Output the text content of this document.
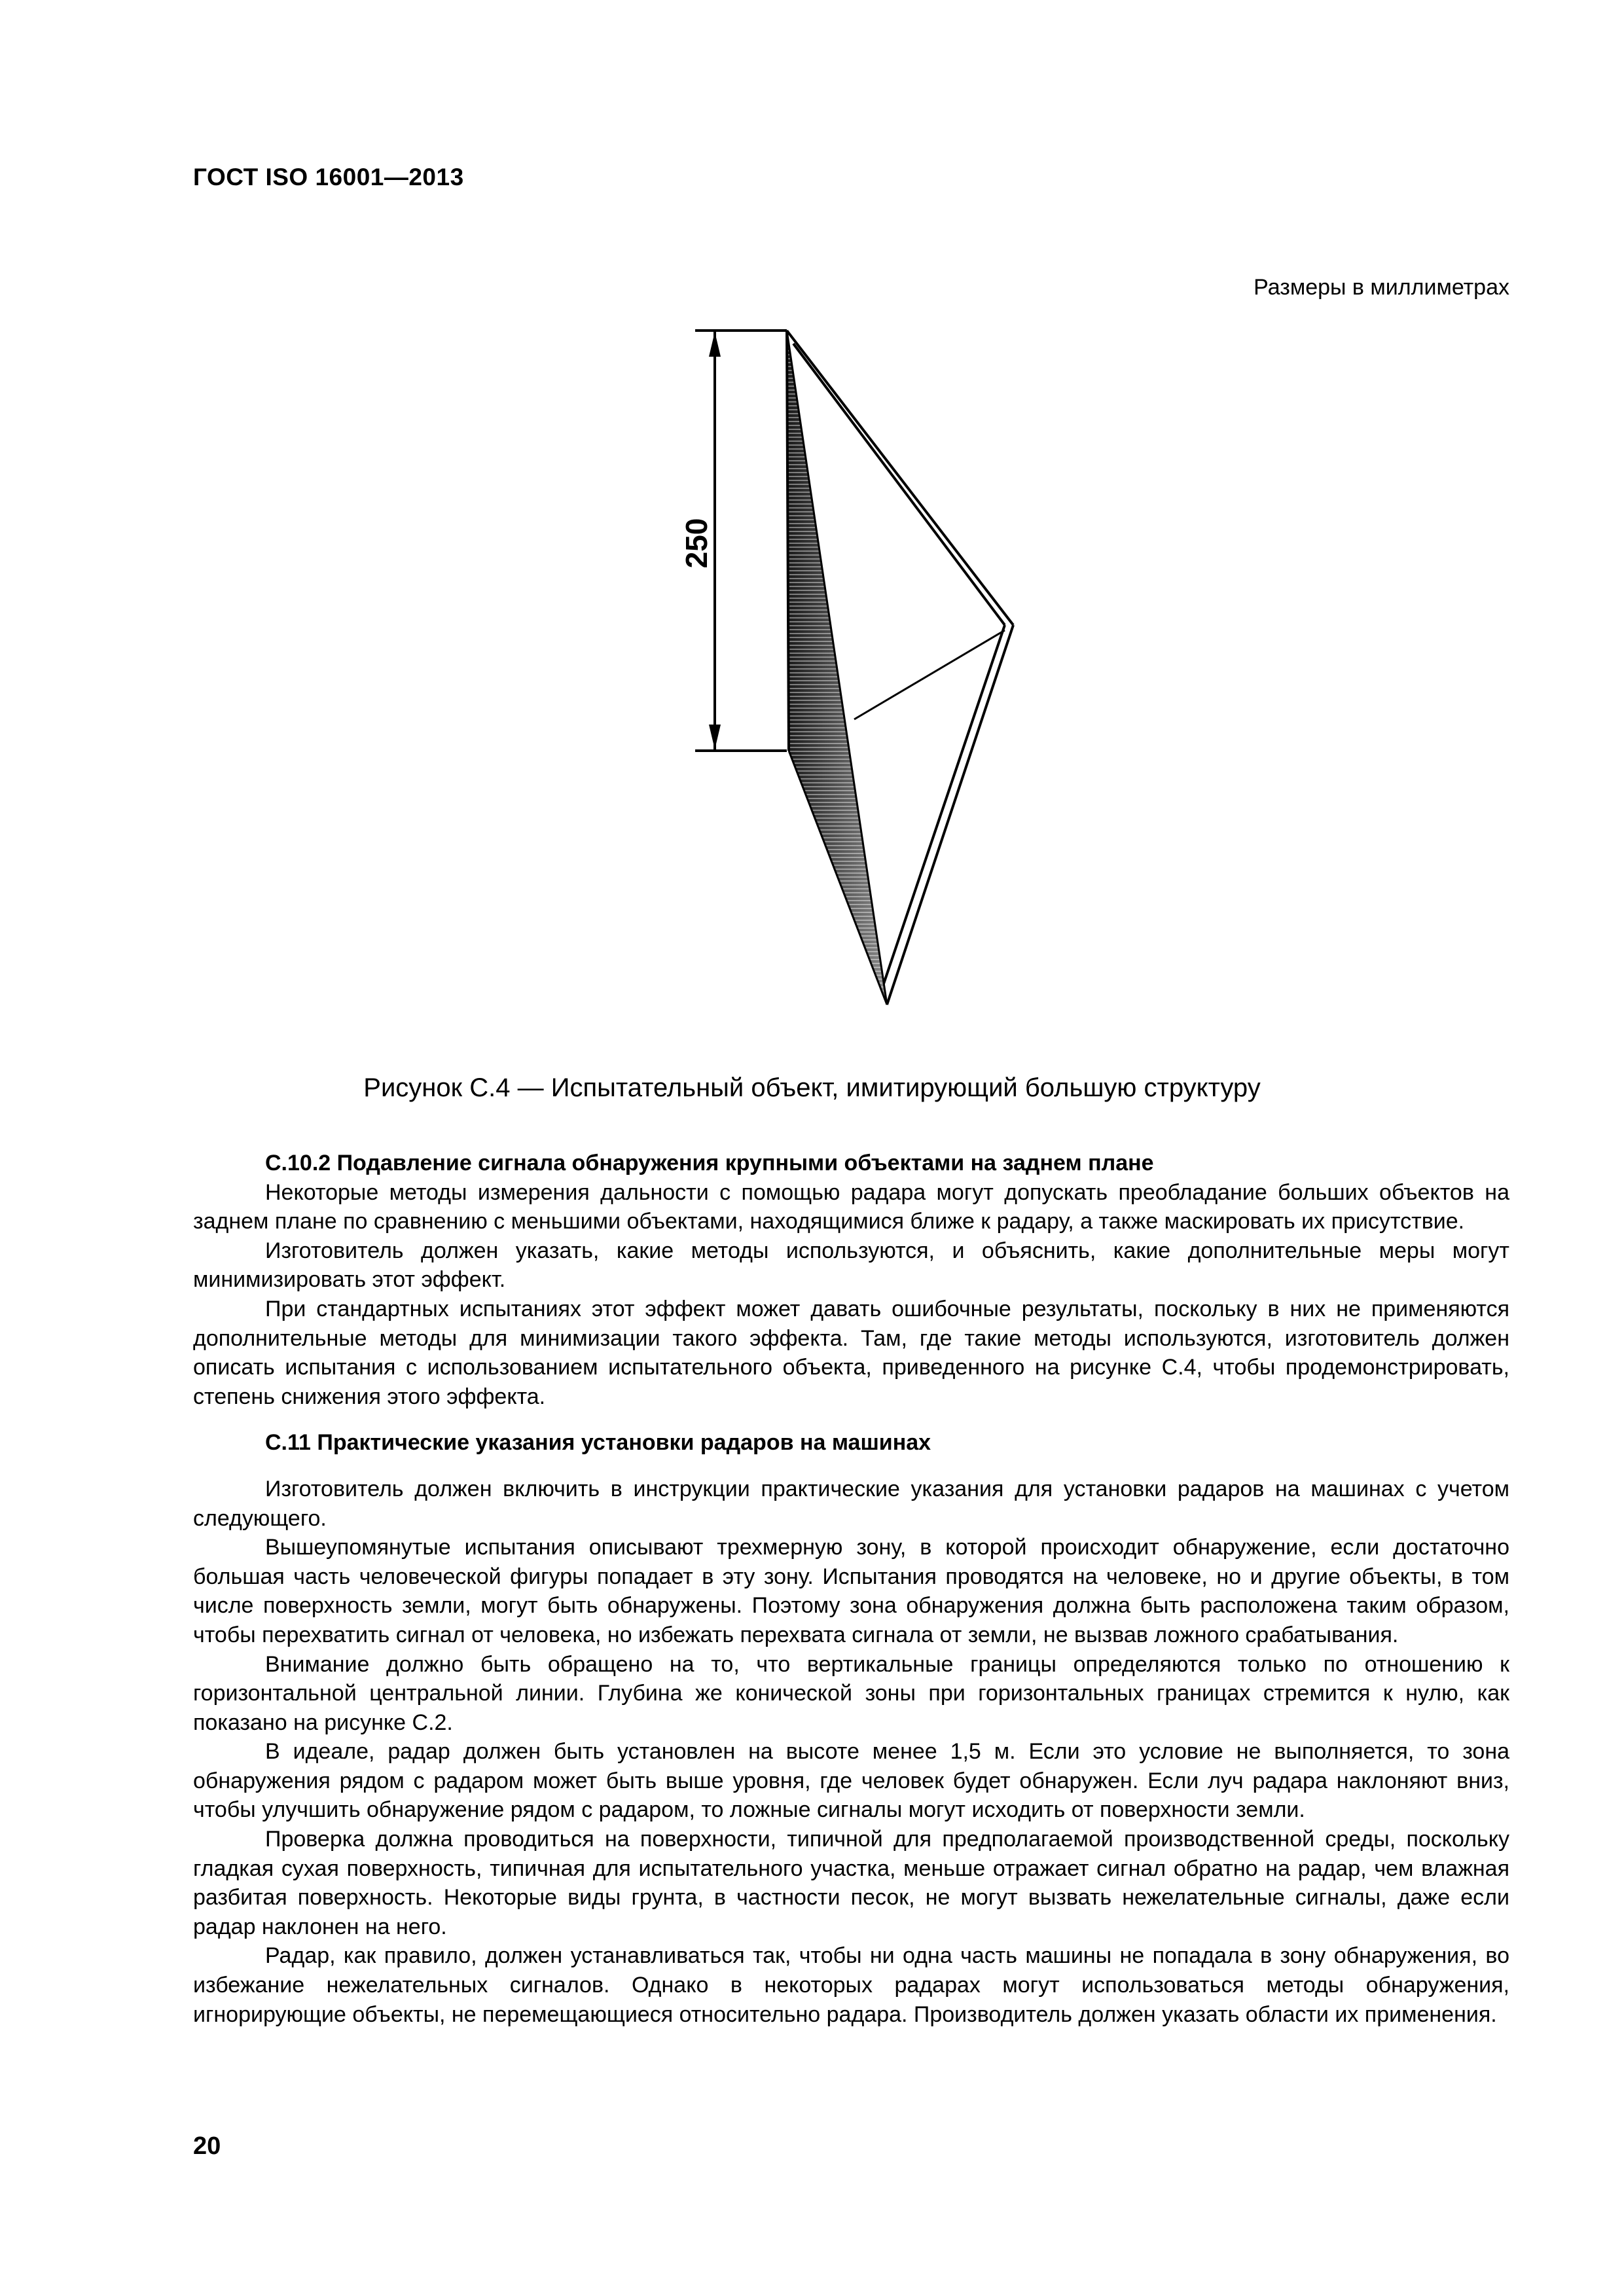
ГОСТ ISO 16001—2013
Размеры в миллиметрах
250
Рисунок С.4 — Испытательный объект, имитирующий большую структуру

С.10.2 Подавление сигнала обнаружения крупными объектами на заднем плане

Некоторые методы измерения дальности с помощью радара могут допускать преобладание больших объектов на заднем плане по сравнению с меньшими объектами, находящимися ближе к радару, а также маскировать их присутствие.

Изготовитель должен указать, какие методы используются, и объяснить, какие дополнительные меры могут минимизировать этот эффект.

При стандартных испытаниях этот эффект может давать ошибочные результаты, поскольку в них не применяются дополнительные методы для минимизации такого эффекта. Там, где такие методы используются, изготовитель должен описать испытания с использованием испытательного объекта, приведенного на рисунке С.4, чтобы продемонстрировать, степень снижения этого эффекта.

С.11 Практические указания установки радаров на машинах

Изготовитель должен включить в инструкции практические указания для установки радаров на машинах с учетом следующего.

Вышеупомянутые испытания описывают трехмерную зону, в которой происходит обнаружение, если достаточно большая часть человеческой фигуры попадает в эту зону. Испытания проводятся на человеке, но и другие объекты, в том числе поверхность земли, могут быть обнаружены. Поэтому зона обнаружения должна быть расположена таким образом, чтобы перехватить сигнал от человека, но избежать перехвата сигнала от земли, не вызвав ложного срабатывания.

Внимание должно быть обращено на то, что вертикальные границы определяются только по отношению к горизонтальной центральной линии. Глубина же конической зоны при горизонтальных границах стремится к нулю, как показано на рисунке С.2.

В идеале, радар должен быть установлен на высоте менее 1,5 м. Если это условие не выполняется, то зона обнаружения рядом с радаром может быть выше уровня, где человек будет обнаружен. Если луч радара наклоняют вниз, чтобы улучшить обнаружение рядом с радаром, то ложные сигналы могут исходить от поверхности земли.

Проверка должна проводиться на поверхности, типичной для предполагаемой производственной среды, поскольку гладкая сухая поверхность, типичная для испытательного участка, меньше отражает сигнал обратно на радар, чем влажная разбитая поверхность. Некоторые виды грунта, в частности песок, не могут вызвать нежелательные сигналы, даже если радар наклонен на него.

Радар, как правило, должен устанавливаться так, чтобы ни одна часть машины не попадала в зону обнаружения, во избежание нежелательных сигналов. Однако в некоторых радарах могут использоваться методы обнаружения, игнорирующие объекты, не перемещающиеся относительно радара. Производитель должен указать области их применения.

20
